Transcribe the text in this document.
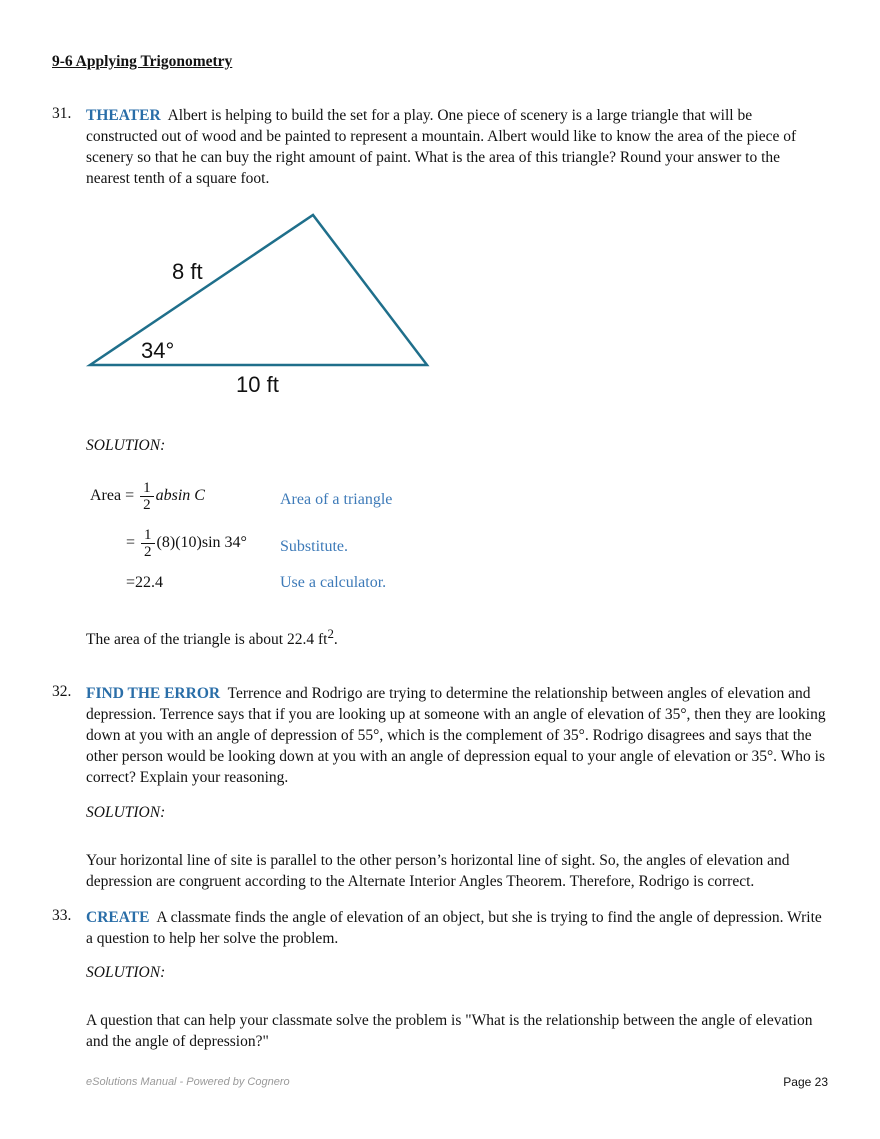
9-6 Applying Trigonometry
31. THEATER Albert is helping to build the set for a play. One piece of scenery is a large triangle that will be constructed out of wood and be painted to represent a mountain. Albert would like to know the area of the piece of scenery so that he can buy the right amount of paint. What is the area of this triangle? Round your answer to the nearest tenth of a square foot.
8 ft
34°
10 ft
SOLUTION:
Area = $\frac{1}{2}$ absin C	Area of a triangle
= $\frac{1}{2} (8)(10)\sin$ 34° Substitute.
=22.4	Use a calculator.
The area of the triangle is about 22.4 $ft^2$.
32. FIND THE ERROR Terrence and Rodrigo are trying to determine the relationship between angles of elevation and depression. Terrence says that if you are looking up at someone with an angle of elevation of 35°, then they are looking down at you with an angle of depression of 55°, which is the complement of 35°. Rodrigo disagrees and says that the other person would be looking down at you with an angle of depression equal to your angle of elevation or 35°. Who is correct? Explain your reasoning.
SOLUTION:
Your horizontal line of site is parallel to the other person’s horizontal line of sight. So, the angles of elevation and depression are congruent according to the Alternate Interior Angles Theorem. Therefore, Rodrigo is correct.
33. CREATE A classmate finds the angle of elevation of an object, but she is trying to find the angle of depression. Write a question to help her solve the problem.
SOLUTION:
A question that can help your classmate solve the problem is "What is the relationship between the angle of elevation and the angle of depression?"
eSolutions Manual - Powered by Cognero	Page 23
